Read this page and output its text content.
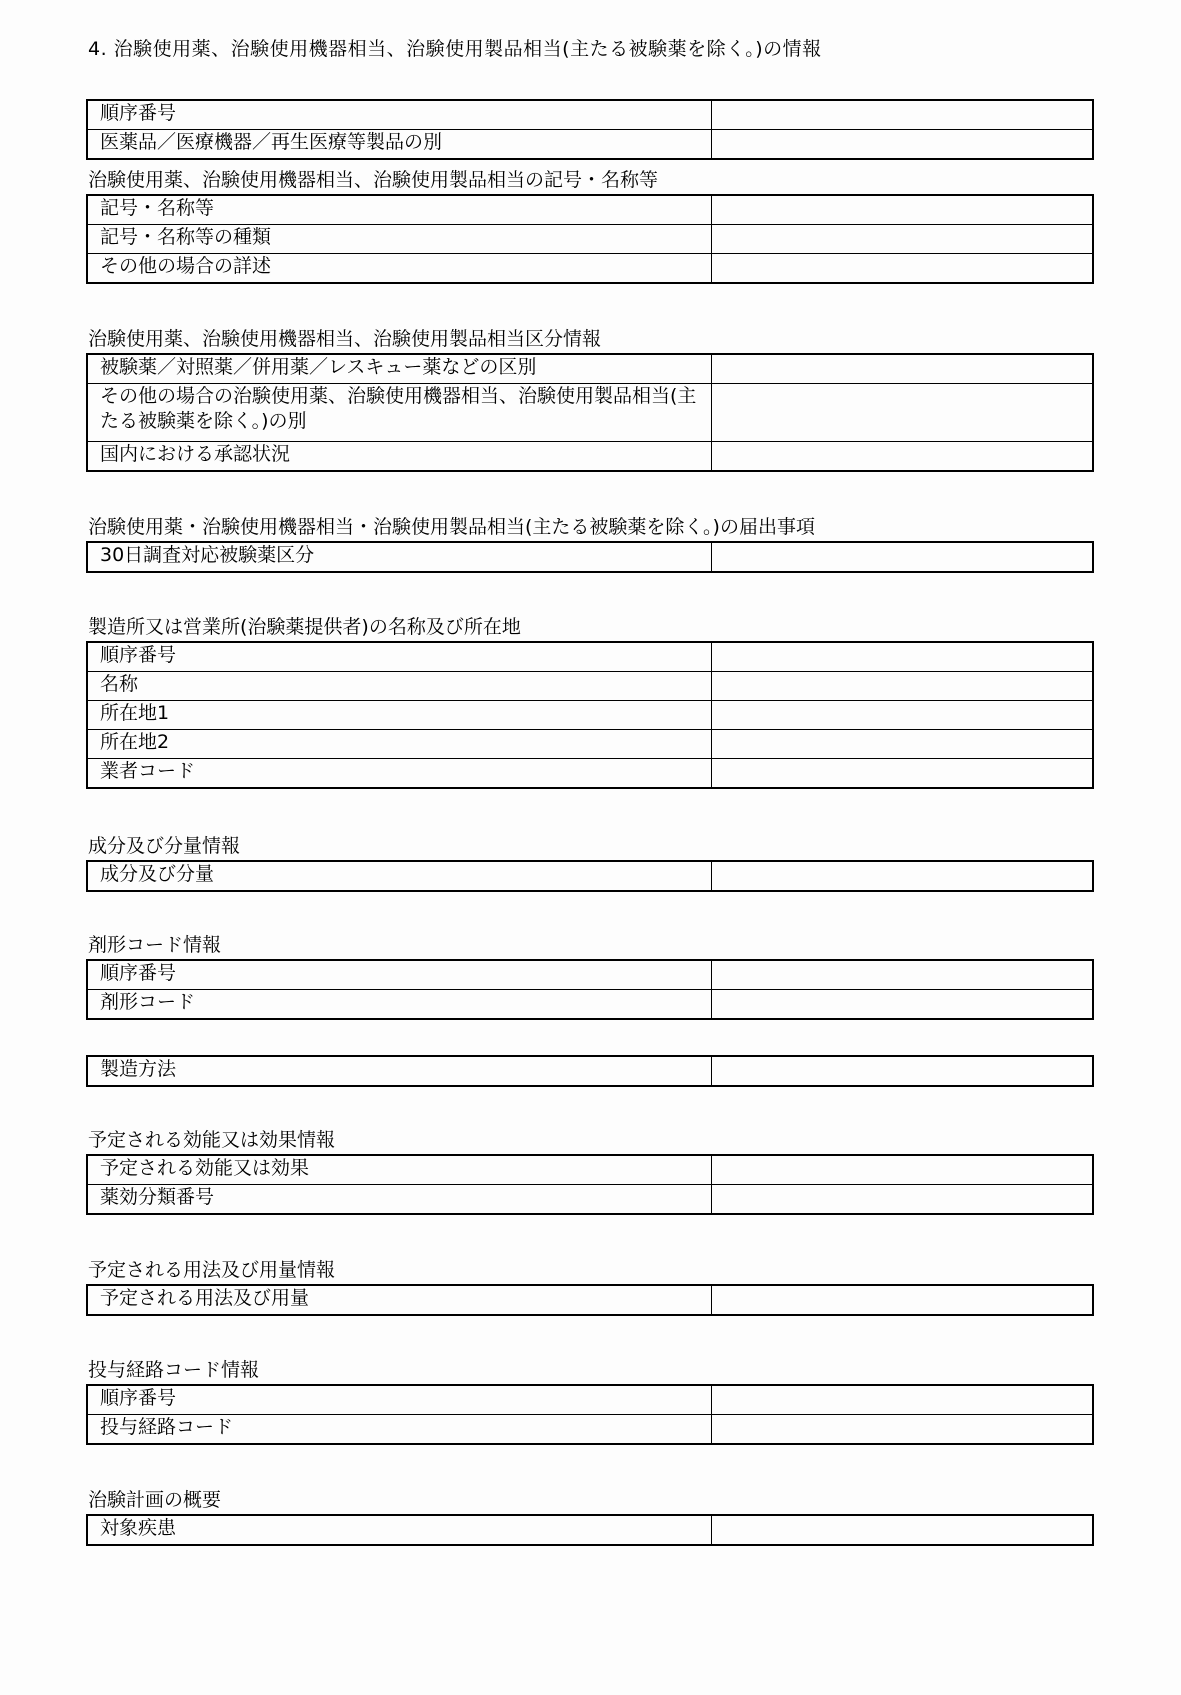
4. 治験使用薬、治験使用機器相当、治験使用製品相当(主たる被験薬を除く。)の情報
順序番号	
医薬品／医療機器／再生医療等製品の別	
治験使用薬、治験使用機器相当、治験使用製品相当の記号・名称等
記号・名称等	
記号・名称等の種類	
その他の場合の詳述	
治験使用薬、治験使用機器相当、治験使用製品相当区分情報
被験薬／対照薬／併用薬／レスキュー薬などの区別	
その他の場合の治験使用薬、治験使用機器相当、治験使用製品相当(主たる被験薬を除く。)の別	
国内における承認状況	
治験使用薬・治験使用機器相当・治験使用製品相当(主たる被験薬を除く。)の届出事項
30日調査対応被験薬区分	
製造所又は営業所(治験薬提供者)の名称及び所在地
順序番号	
名称	
所在地1	
所在地2	
業者コード	
成分及び分量情報
成分及び分量	
剤形コード情報
順序番号	
剤形コード	
製造方法	
予定される効能又は効果情報
予定される効能又は効果	
薬効分類番号	
予定される用法及び用量情報
予定される用法及び用量	
投与経路コード情報
順序番号	
投与経路コード	
治験計画の概要
対象疾患	
